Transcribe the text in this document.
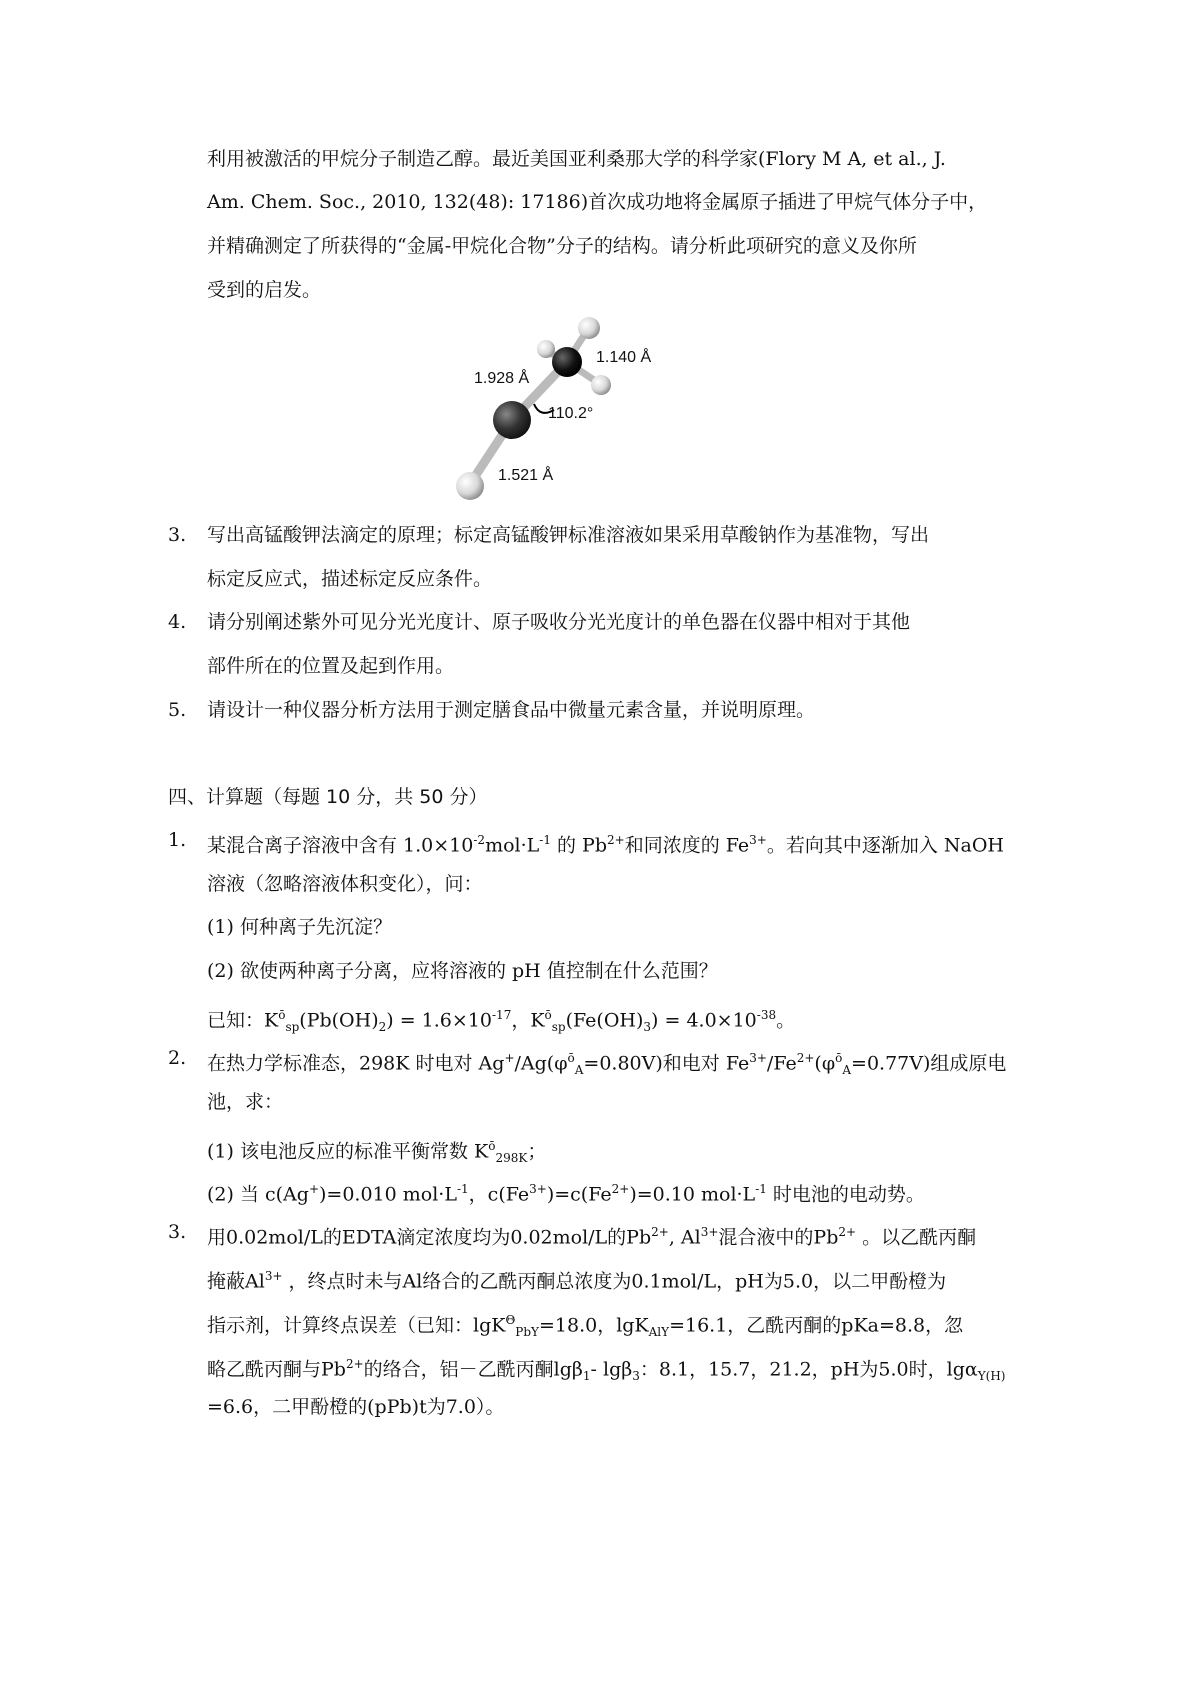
利用被激活的甲烷分子制造乙醇。最近美国亚利桑那大学的科学家(Flory M A, et al., J.
Am. Chem. Soc., 2010, 132(48): 17186)首次成功地将金属原子插进了甲烷气体分子中，
并精确测定了所获得的“金属-甲烷化合物”分子的结构。请分析此项研究的意义及你所
受到的启发。
1.140 Å
1.928 Å
110.2°
1.521 Å
3. 写出高锰酸钾法滴定的原理；标定高锰酸钾标准溶液如果采用草酸钠作为基准物，写出
标定反应式，描述标定反应条件。
4. 请分别阐述紫外可见分光光度计、原子吸收分光光度计的单色器在仪器中相对于其他
部件所在的位置及起到作用。
5. 请设计一种仪器分析方法用于测定膳食品中微量元素含量，并说明原理。
四、计算题（每题 10 分，共 50 分）
1. 某混合离子溶液中含有 $1.0\times 10^{-2}mol\cdot L^{-1}$ 的 $Pb^{2+}$和同浓度的 $Fe^{3+}$。若向其中逐渐加入 NaOH
溶液（忽略溶液体积变化），问：
(1) 何种离子先沉淀？
(2) 欲使两种离子分离，应将溶液的 pH 值控制在什么范围？
已知：$K^ō_{sp}(Pb(OH)_2) = 1.6\times 10^{-17}$，$K^ō_{sp}(Fe(OH)_3) = 4.0\times 10^{-38}$。
2. 在热力学标准态，298K 时电对 $Ag^+/Ag(\varphi^ō_A=0.80V)$和电对 $Fe^{3+}/Fe^{2+}(\varphi^ō_A=0.77V)$组成原电
池，求：
(1) 该电池反应的标准平衡常数 $K^ō_{298K}$；
(2) 当 c(Ag+)=0.010 $mol\cdot L^{-1}$，$c(Fe^{3+})=c(Fe^{2+})=0.10$ $mol\cdot L^{-1}$ 时电池的电动势。
3. 用0.02mol/L的EDTA滴定浓度均为0.02mol/L的$Pb^{2+}$, $Al^{3+}$混合液中的$Pb^{2+}$ 。以乙酰丙酮
掩蔽$Al^{3+}$ ，终点时未与Al络合的乙酰丙酮总浓度为0.1mol/L，pH为5.0，以二甲酚橙为
指示剂，计算终点误差（已知：lgK$^\Theta_{PbY}$=18.0，lgK$_{AlY}$=16.1，乙酰丙酮的pKa=8.8，忽
略乙酰丙酮与$Pb^{2+}$的络合，铝－乙酰丙酮lgβ$_1$- lgβ$_3$：8.1，15.7，21.2，pH为5.0时，lgα$_{Y(H)}$
=6.6，二甲酚橙的(pPb)t为7.0）。
